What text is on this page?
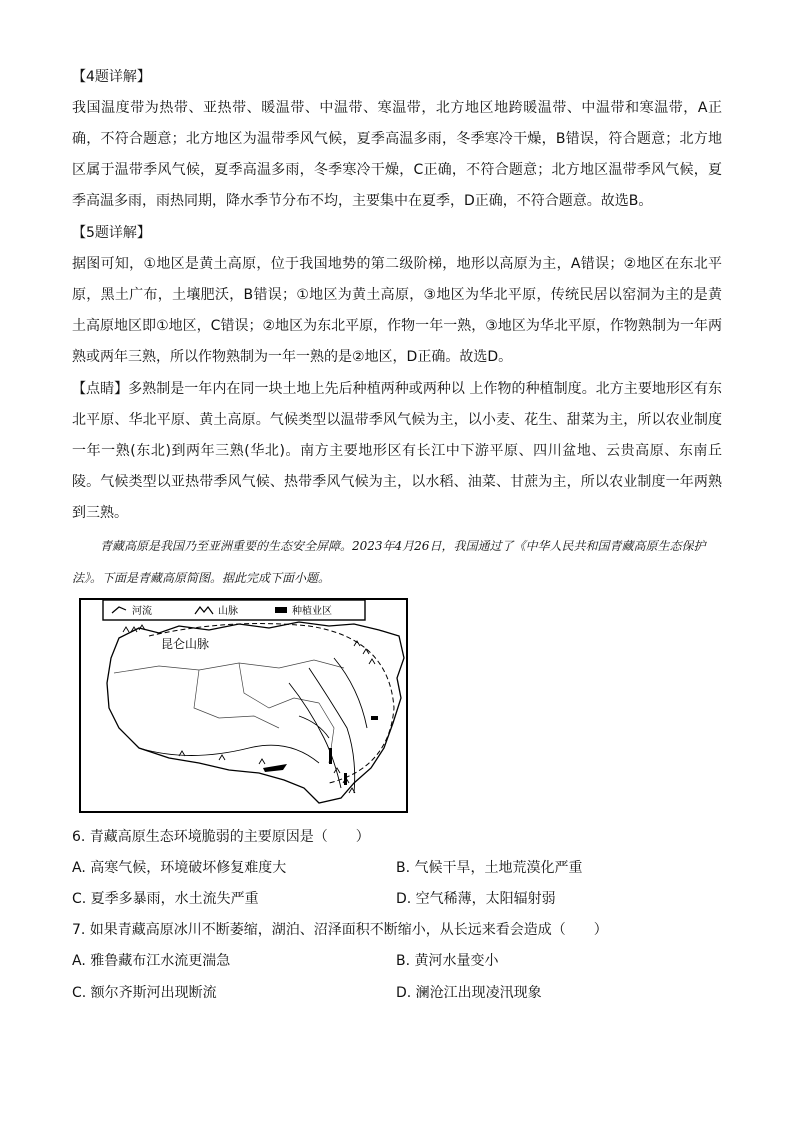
【4题详解】

我国温度带为热带、亚热带、暖温带、中温带、寒温带，北方地区地跨暖温带、中温带和寒温带，A正确，不符合题意；北方地区为温带季风气候，夏季高温多雨，冬季寒冷干燥，B错误，符合题意；北方地区属于温带季风气候，夏季高温多雨，冬季寒冷干燥，C正确，不符合题意；北方地区温带季风气候，夏季高温多雨，雨热同期，降水季节分布不均，主要集中在夏季，D正确，不符合题意。故选B。

【5题详解】

据图可知，①地区是黄土高原，位于我国地势的第二级阶梯，地形以高原为主，A错误；②地区在东北平原，黑土广布，土壤肥沃，B错误；①地区为黄土高原，③地区为华北平原，传统民居以窑洞为主的是黄土高原地区即①地区，C错误；②地区为东北平原，作物一年一熟，③地区为华北平原，作物熟制为一年两熟或两年三熟，所以作物熟制为一年一熟的是②地区，D正确。故选D。

【点睛】多熟制是一年内在同一块土地上先后种植两种或两种以 上作物的种植制度。北方主要地形区有东北平原、华北平原、黄土高原。气候类型以温带季风气候为主，以小麦、花生、甜菜为主，所以农业制度一年一熟(东北)到两年三熟(华北)。南方主要地形区有长江中下游平原、四川盆地、云贵高原、东南丘陵。气候类型以亚热带季风气候、热带季风气候为主，以水稻、油菜、甘蔗为主，所以农业制度一年两熟到三熟。

青藏高原是我国乃至亚洲重要的生态安全屏障。2023年4月26日，我国通过了《中华人民共和国青藏高原生态保护法》。下面是青藏高原简图。据此完成下面小题。

河流	山脉	种植业区
昆仑山脉
6. 青藏高原生态环境脆弱的主要原因是（　　）
A. 高寒气候，环境破坏修复难度大	B. 气候干旱，土地荒漠化严重
C. 夏季多暴雨，水土流失严重	D. 空气稀薄，太阳辐射弱
7. 如果青藏高原冰川不断萎缩，湖泊、沼泽面积不断缩小，从长远来看会造成（　　）
A. 雅鲁藏布江水流更湍急	B. 黄河水量变小
C. 额尔齐斯河出现断流	D. 澜沧江出现凌汛现象
